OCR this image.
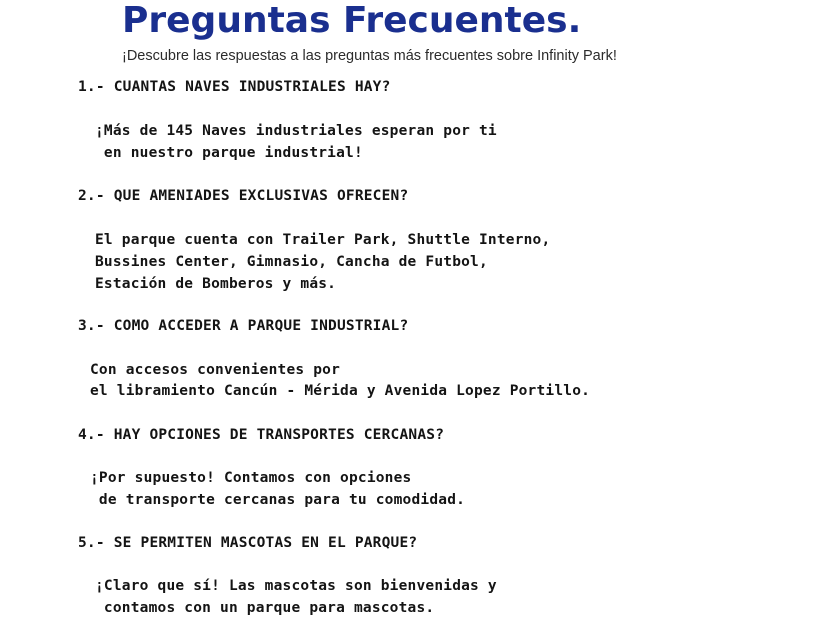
Preguntas Frecuentes.
¡Descubre las respuestas a las preguntas más frecuentes sobre Infinity Park!
1.- CUANTAS NAVES INDUSTRIALES HAY?
¡Más de 145 Naves industriales esperan por ti
en nuestro parque industrial!
2.- QUE AMENIADES EXCLUSIVAS OFRECEN?
El parque cuenta con Trailer Park, Shuttle Interno,
Bussines Center, Gimnasio, Cancha de Futbol,
Estación de Bomberos y más.
3.- COMO ACCEDER A PARQUE INDUSTRIAL?
Con accesos convenientes por
el libramiento Cancún - Mérida y Avenida Lopez Portillo.
4.- HAY OPCIONES DE TRANSPORTES CERCANAS?
¡Por supuesto! Contamos con opciones
de transporte cercanas para tu comodidad.
5.- SE PERMITEN MASCOTAS EN EL PARQUE?
¡Claro que sí! Las mascotas son bienvenidas y
contamos con un parque para mascotas.
